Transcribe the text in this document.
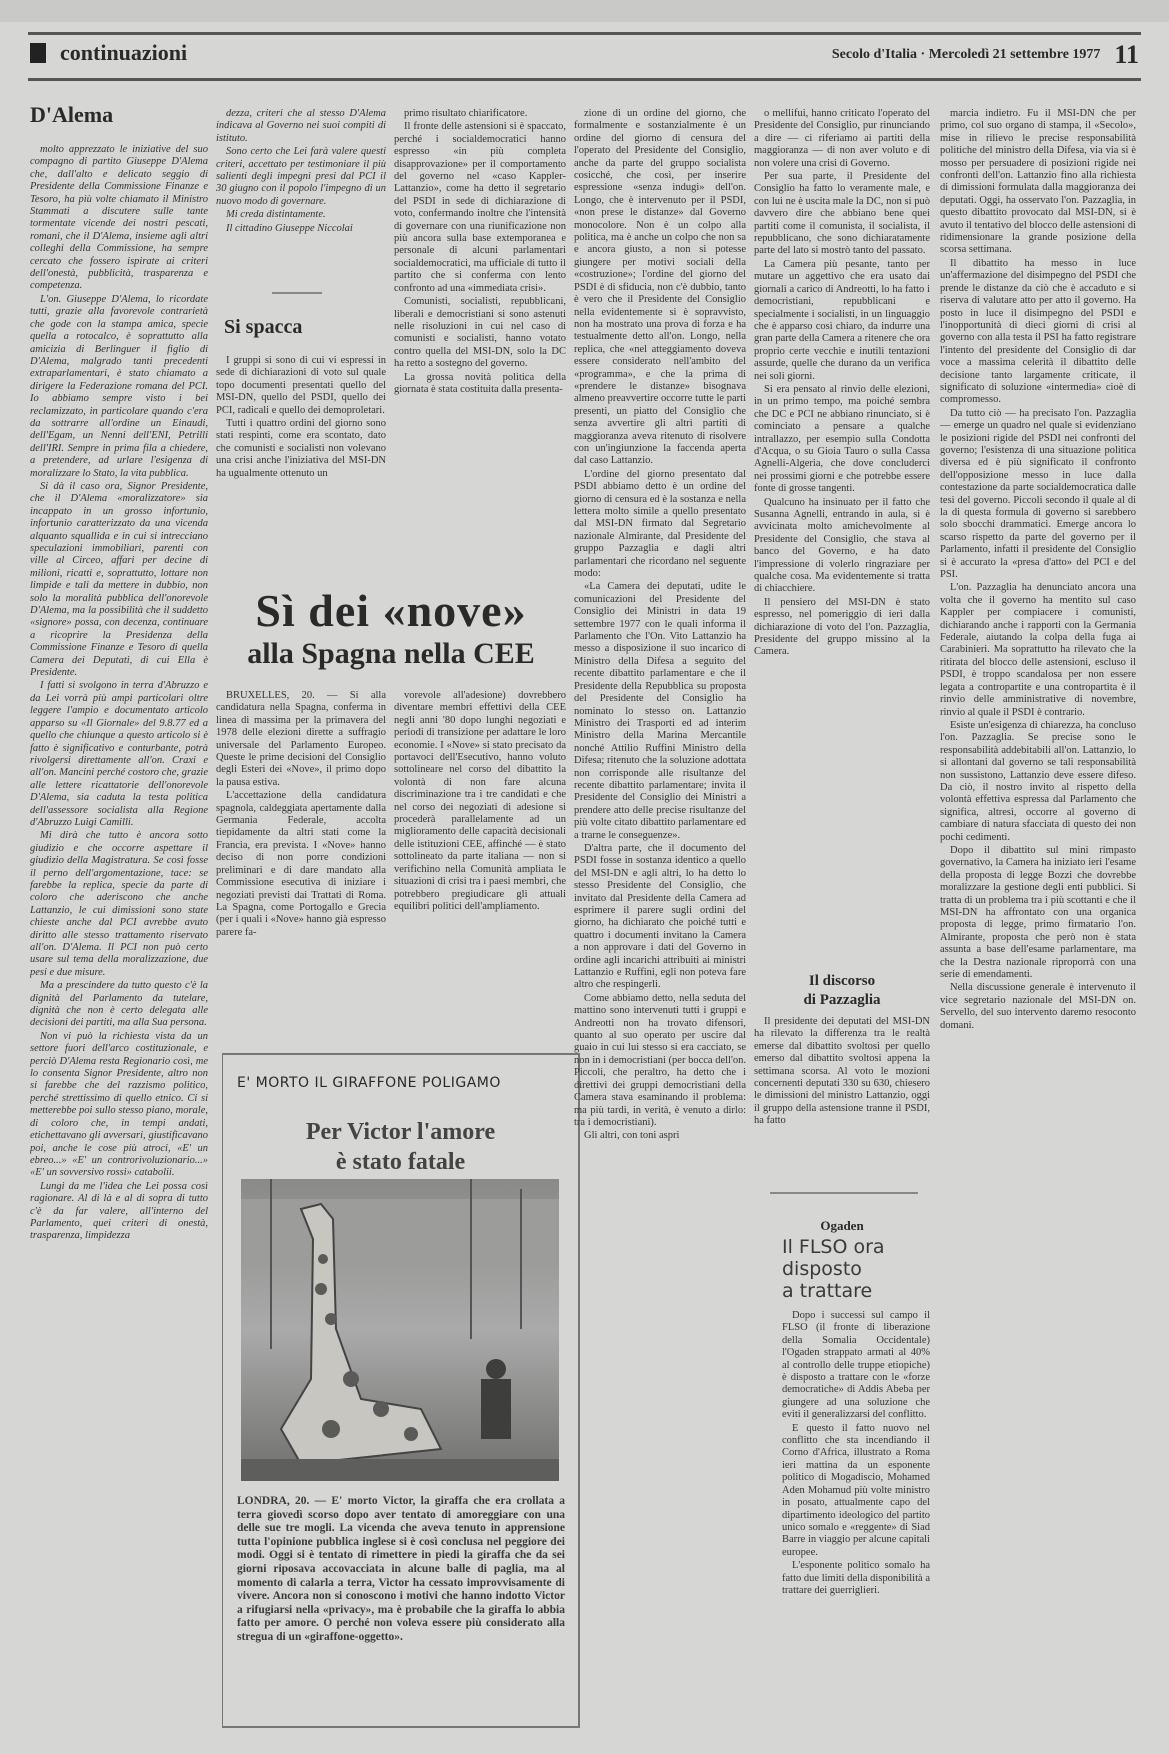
continuazioni	Secolo d'Italia · Mercoledì 21 settembre 1977 11
D'Alema

molto apprezzato le iniziative del suo compagno di partito Giuseppe D'Alema che, dall'alto e delicato seggio di Presidente della Commissione Finanze e Tesoro, ha più volte chiamato il Ministro Stammati a discutere sulle tante tormentate vicende dei nostri pescati, romani, che il D'Alema, insieme agli altri colleghi della Commissione, ha sempre cercato che fossero ispirate ai criteri dell'onestà, pubblicità, trasparenza e competenza.

L'on. Giuseppe D'Alema, lo ricordate tutti, grazie alla favorevole contrarietà che gode con la stampa amica, specie quella a rotocalco, è soprattutto alla amicizia di Berlinguer il figlio di D'Alema, malgrado tanti precedenti extraparlamentari, è stato chiamato a dirigere la Federazione romana del PCI. Io abbiamo sempre visto i bei reclamizzato, in particolare quando c'era da sottrarre all'ordine un Einaudi, dell'Egam, un Nenni dell'ENI, Petrilli dell'IRI. Sempre in prima fila a chiedere, a pretendere, ad urlare l'esigenza di moralizzare lo Stato, la vita pubblica.

Si dà il caso ora, Signor Presidente, che il D'Alema «moralizzatore» sia incappato in un grosso infortunio, infortunio caratterizzato da una vicenda alquanto squallida e in cui si intrecciano speculazioni immobiliari, parenti con ville al Circeo, affari per decine di milioni, ricatti e, soprattutto, lottare non limpide e tali da mettere in dubbio, non solo la moralità pubblica dell'onorevole D'Alema, ma la possibilità che il suddetto «signore» possa, con decenza, continuare a ricoprire la Presidenza della Commissione Finanze e Tesoro di quella Camera dei Deputati, di cui Ella è Presidente.

I fatti si svolgono in terra d'Abruzzo e da Lei vorrà più ampi particolari oltre leggere l'ampio e documentato articolo apparso su «Il Giornale» del 9.8.77 ed a quello che chiunque a questo articolo si è fatto è significativo e conturbante, potrà rivolgersi direttamente all'on. Craxi e all'on. Mancini perché costoro che, grazie alle lettere ricattatorie dell'onorevole D'Alema, sia caduta la testa politica dell'assessore socialista alla Regione d'Abruzzo Luigi Camilli.

Mi dirà che tutto è ancora sotto giudizio e che occorre aspettare il giudizio della Magistratura. Se così fosse il perno dell'argomentazione, tace: se farebbe la replica, specie da parte di coloro che aderiscono che anche Lattanzio, le cui dimissioni sono state chieste anche dal PCI avrebbe avuto diritto alle stesso trattamento riservato all'on. D'Alema. Il PCI non può certo usare sul tema della moralizzazione, due pesi e due misure.

Ma a prescindere da tutto questo c'è la dignità del Parlamento da tutelare, dignità che non è certo delegata alle decisioni dei partiti, ma alla Sua persona.

Non vi può la richiesta vista da un settore fuori dell'arco costituzionale, e perciò D'Alema resta Regionario così, me lo consenta Signor Presidente, altro non si farebbe che del razzismo politico, perché strettissimo di quello etnico. Ci si metterebbe poi sullo stesso piano, morale, di coloro che, in tempi andati, etichettavano gli avversari, giustificavano poi, anche le cose più atroci, «E' un ebreo...» «E' un controrivoluzionario...» «E' un sovversivo rossi» catabolii.

Lungi da me l'idea che Lei possa così ragionare. Al di là e al di sopra di tutto c'è da far valere, all'interno del Parlamento, quei criteri di onestà, trasparenza, limpidezza

dezza, criteri che al stesso D'Alema indicava al Governo nei suoi compiti di istituto.

Sono certo che Lei farà valere questi criteri, accettato per testimoniare il più salienti degli impegni presi dal PCI il 30 giugno con il popolo l'impegno di un nuovo modo di governare.

Mi creda distintamente.

Il cittadino Giuseppe Niccolai

Si spacca

I gruppi si sono di cui vi espressi in sede di dichiarazioni di voto sul quale topo documenti presentati quello del MSI-DN, quello del PSDI, quello dei PCI, radicali e quello dei demoproletari.

Tutti i quattro ordini del giorno sono stati respinti, come era scontato, dato che comunisti e socialisti non volevano una crisi anche l'iniziativa del MSI-DN ha ugualmente ottenuto un

primo risultato chiarificatore.

Il fronte delle astensioni si è spaccato, perché i socialdemocratici hanno espresso «in più completa disapprovazione» per il comportamento del governo nel «caso Kappler-Lattanzio», come ha detto il segretario del PSDI in sede di dichiarazione di voto, confermando inoltre che l'intensità di governare con una riunificazione non più ancora sulla base extemporanea e personale di alcuni parlamentari socialdemocratici, ma ufficiale di tutto il partito che si conferma con lento confronto ad una «immediata crisi».

Comunisti, socialisti, repubblicani, liberali e democristiani si sono astenuti nelle risoluzioni in cui nel caso di comunisti e socialisti, hanno votato contro quella del MSI-DN, solo la DC ha retto a sostegno del governo.

La grossa novità politica della giornata è stata costituita dalla presenta-

Sì dei «nove»
alla Spagna nella CEE

BRUXELLES, 20. — Si alla candidatura nella Spagna, conferma in linea di massima per la primavera del 1978 delle elezioni dirette a suffragio universale del Parlamento Europeo. Queste le prime decisioni del Consiglio degli Esteri dei «Nove», il primo dopo la pausa estiva.

L'accettazione della candidatura spagnola, caldeggiata apertamente dalla Germania Federale, accolta tiepidamente da altri stati come la Francia, era prevista. I «Nove» hanno deciso di non porre condizioni preliminari e di dare mandato alla Commissione esecutiva di iniziare i negoziati previsti dai Trattati di Roma. La Spagna, come Portogallo e Grecia (per i quali i «Nove» hanno già espresso parere fa-

vorevole all'adesione) dovrebbero diventare membri effettivi della CEE negli anni '80 dopo lunghi negoziati e periodi di transizione per adattare le loro economie. I «Nove» si stato precisato da portavoci dell'Esecutivo, hanno voluto sottolineare nel corso del dibattito la volontà di non fare alcuna discriminazione tra i tre candidati e che nel corso dei negoziati di adesione si procederà parallelamente ad un miglioramento delle capacità decisionali delle istituzioni CEE, affinché — è stato sottolineato da parte italiana — non si verifichino nella Comunità ampliata le situazioni di crisi tra i paesi membri, che potrebbero pregiudicare gli attuali equilibri politici dell'ampliamento.

E' MORTO IL GIRAFFONE POLIGAMO
Per Victor l'amore
è stato fatale
LONDRA, 20. — E' morto Victor, la giraffa che era crollata a terra giovedì scorso dopo aver tentato di amoreggiare con una delle sue tre mogli. La vicenda che aveva tenuto in apprensione tutta l'opinione pubblica inglese si è così conclusa nel peggiore dei modi. Oggi si è tentato di rimettere in piedi la giraffa che da sei giorni riposava accovacciata in alcune balle di paglia, ma al momento di calarla a terra, Victor ha cessato improvvisamente di vivere. Ancora non si conoscono i motivi che hanno indotto Victor a rifugiarsi nella «privacy», ma è probabile che la giraffa lo abbia fatto per amore. O perché non voleva essere più considerato alla stregua di un «giraffone-oggetto».

zione di un ordine del giorno, che formalmente e sostanzialmente è un ordine del giorno di censura del l'operato del Presidente del Consiglio, anche da parte del gruppo socialista cosicché, che così, per inserire espressione «senza indugi» dell'on. Longo, che è intervenuto per il PSDI, «non prese le distanze» dal Governo monocolore. Non è un colpo alla politica, ma è anche un colpo che non sa e ancora giusto, a non si potesse giungere per motivi sociali della «costruzione»; l'ordine del giorno del PSDI è di sfiducia, non c'è dubbio, tanto è vero che il Presidente del Consiglio nella evidentemente si è sopravvisto, non ha mostrato una prova di forza e ha testualmente detto all'on. Longo, nella replica, che «nel atteggiamento doveva essere considerato nell'ambito del «programma», e che la prima di «prendere le distanze» bisognava almeno preavvertire occorre tutte le parti presenti, un piatto del Consiglio che senza avvertire gli altri partiti di maggioranza aveva ritenuto di risolvere con un'ingiunzione la faccenda aperta dal caso Lattanzio.

L'ordine del giorno presentato dal PSDI abbiamo detto è un ordine del giorno di censura ed è la sostanza e nella lettera molto simile a quello presentato dal MSI-DN firmato dal Segretario nazionale Almirante, dal Presidente del gruppo Pazzaglia e dagli altri parlamentari che ricordano nel seguente modo:

«La Camera dei deputati, udite le comunicazioni del Presidente del Consiglio dei Ministri in data 19 settembre 1977 con le quali informa il Parlamento che l'On. Vito Lattanzio ha messo a disposizione il suo incarico di Ministro della Difesa a seguito del recente dibattito parlamentare e che il Presidente della Repubblica su proposta del Presidente del Consiglio ha nominato lo stesso on. Lattanzio Ministro dei Trasporti ed ad interim Ministro della Marina Mercantile nonché Attilio Ruffini Ministro della Difesa; ritenuto che la soluzione adottata non corrisponde alle risultanze del recente dibattito parlamentare; invita il Presidente del Consiglio dei Ministri a prendere atto delle precise risultanze del più volte citato dibattito parlamentare ed a trarne le conseguenze».

D'altra parte, che il documento del PSDI fosse in sostanza identico a quello del MSI-DN e agli altri, lo ha detto lo stesso Presidente del Consiglio, che invitato dal Presidente della Camera ad esprimere il parere sugli ordini del giorno, ha dichiarato che poiché tutti e quattro i documenti invitano la Camera a non approvare i dati del Governo in ordine agli incarichi attribuiti ai ministri Lattanzio e Ruffini, egli non poteva fare altro che respingerli.

Come abbiamo detto, nella seduta del mattino sono intervenuti tutti i gruppi e Andreotti non ha trovato difensori, quanto al suo operato per uscire dal guaio in cui lui stesso si era cacciato, se non in i democristiani (per bocca dell'on. Piccoli, che peraltro, ha detto che i direttivi dei gruppi democristiani della Camera stava esaminando il problema: ma più tardi, in verità, è venuto a dirlo: tra i democristiani).

Gli altri, con toni aspri

o mellifui, hanno criticato l'operato del Presidente del Consiglio, pur rinunciando a dire — ci riferiamo ai partiti della maggioranza — di non aver voluto e di non volere una crisi di Governo.

Per sua parte, il Presidente del Consiglio ha fatto lo veramente male, e con lui ne è uscita male la DC, non si può davvero dire che abbiano bene quei partiti come il comunista, il socialista, il repubblicano, che sono dichiaratamente parte del lato si mostrò tanto del passato.

La Camera più pesante, tanto per mutare un aggettivo che era usato dai giornali a carico di Andreotti, lo ha fatto i democristiani, repubblicani e specialmente i socialisti, in un linguaggio che è apparso così chiaro, da indurre una gran parte della Camera a ritenere che ora proprio certe vecchie e inutili tentazioni assurde, quelle che durano da un verifica nei soli giorni.

Si era pensato al rinvio delle elezioni, in un primo tempo, ma poiché sembra che DC e PCI ne abbiano rinunciato, si è cominciato a pensare a qualche intrallazzo, per esempio sulla Condotta d'Acqua, o su Gioia Tauro o sulla Cassa Agnelli-Algeria, che dove concluderci nei prossimi giorni e che potrebbe essere fonte di grosse tangenti.

Qualcuno ha insinuato per il fatto che Susanna Agnelli, entrando in aula, si è avvicinata molto amichevolmente al Presidente del Consiglio, che stava al banco del Governo, e ha dato l'impressione di volerlo ringraziare per qualche cosa. Ma evidentemente si tratta di chiacchiere.

Il pensiero del MSI-DN è stato espresso, nel pomeriggio di ieri dalla dichiarazione di voto del l'on. Pazzaglia, Presidente del gruppo missino al la Camera.

Il discorso
di Pazzaglia

Il presidente dei deputati del MSI-DN ha rilevato la differenza tra le realtà emerse dal dibattito svoltosi per quello emerso dal dibattito svoltosi appena la settimana scorsa. Al voto le mozioni concernenti deputati 330 su 630, chiesero le dimissioni del ministro Lattanzio, oggi il gruppo della astensione tranne il PSDI, ha fatto

Ogaden
Il FLSO ora
disposto
a trattare

Dopo i successi sul campo il FLSO (il fronte di liberazione della Somalia Occidentale) l'Ogaden strappato armati al 40% al controllo delle truppe etiopiche) è disposto a trattare con le «forze democratiche» di Addis Abeba per giungere ad una soluzione che eviti il generalizzarsi del conflitto.

E questo il fatto nuovo nel conflitto che sta incendiando il Corno d'Africa, illustrato a Roma ieri mattina da un esponente politico di Mogadiscio, Mohamed Aden Mohamud più volte ministro in posato, attualmente capo del dipartimento ideologico del partito unico somalo e «reggente» di Siad Barre in viaggio per alcune capitali europee.

L'esponente politico somalo ha fatto due limiti della disponibilità a trattare dei guerriglieri.

marcia indietro. Fu il MSI-DN che per primo, col suo organo di stampa, il «Secolo», mise in rilievo le precise responsabilità politiche del ministro della Difesa, via via si è mosso per persuadere di posizioni rigide nei confronti dell'on. Lattanzio fino alla richiesta di dimissioni formulata dalla maggioranza dei deputati. Oggi, ha osservato l'on. Pazzaglia, in questo dibattito provocato dal MSI-DN, si è avuto il tentativo del blocco delle astensioni di ridimensionare la grande posizione della scorsa settimana.

Il dibattito ha messo in luce un'affermazione del disimpegno del PSDI che prende le distanze da ciò che è accaduto e si riserva di valutare atto per atto il governo. Ha posto in luce il disimpegno del PSDI e l'inopportunità di dieci giorni di crisi al governo con alla testa il PSI ha fatto registrare l'intento del presidente del Consiglio di dar voce a massima celerità il dibattito delle decisione tanto largamente criticate, il significato di soluzione «intermedia» cioè di compromesso.

Da tutto ciò — ha precisato l'on. Pazzaglia — emerge un quadro nel quale si evidenziano le posizioni rigide del PSDI nei confronti del governo; l'esistenza di una situazione politica diversa ed è più significato il confronto dell'opposizione messo in luce dalla contestazione da parte socialdemocratica dalle tesi del governo. Piccoli secondo il quale al di la di questa formula di governo si sarebbero solo sbocchi drammatici. Emerge ancora lo scarso rispetto da parte del governo per il Parlamento, infatti il presidente del Consiglio si è accurato la «presa d'atto» del PCI e del PSI.

L'on. Pazzaglia ha denunciato ancora una volta che il governo ha mentito sul caso Kappler per compiacere i comunisti, dichiarando anche i rapporti con la Germania Federale, aiutando la colpa della fuga ai Carabinieri. Ma soprattutto ha rilevato che la ritirata del blocco delle astensioni, escluso il PSDI, è troppo scandalosa per non essere legata a contropartite e una contropartita è il rinvio delle amministrative di novembre, rinvio al quale il PSDI è contrario.

Esiste un'esigenza di chiarezza, ha concluso l'on. Pazzaglia. Se precise sono le responsabilità addebitabili all'on. Lattanzio, lo si allontani dal governo se tali responsabilità non sussistono, Lattanzio deve essere difeso. Da ciò, il nostro invito al rispetto della volontà effettiva espressa dal Parlamento che significa, altresì, occorre al governo di cambiare di natura sfacciata di questo dei non pochi cedimenti.

Dopo il dibattito sul mini rimpasto governativo, la Camera ha iniziato ieri l'esame della proposta di legge Bozzi che dovrebbe moralizzare la gestione degli enti pubblici. Si tratta di un problema tra i più scottanti e che il MSI-DN ha affrontato con una organica proposta di legge, primo firmatario l'on. Almirante, proposta che però non è stata assunta a base dell'esame parlamentare, ma che la Destra nazionale riproporrà con una serie di emendamenti.

Nella discussione generale è intervenuto il vice segretario nazionale del MSI-DN on. Servello, del suo intervento daremo resoconto domani.
